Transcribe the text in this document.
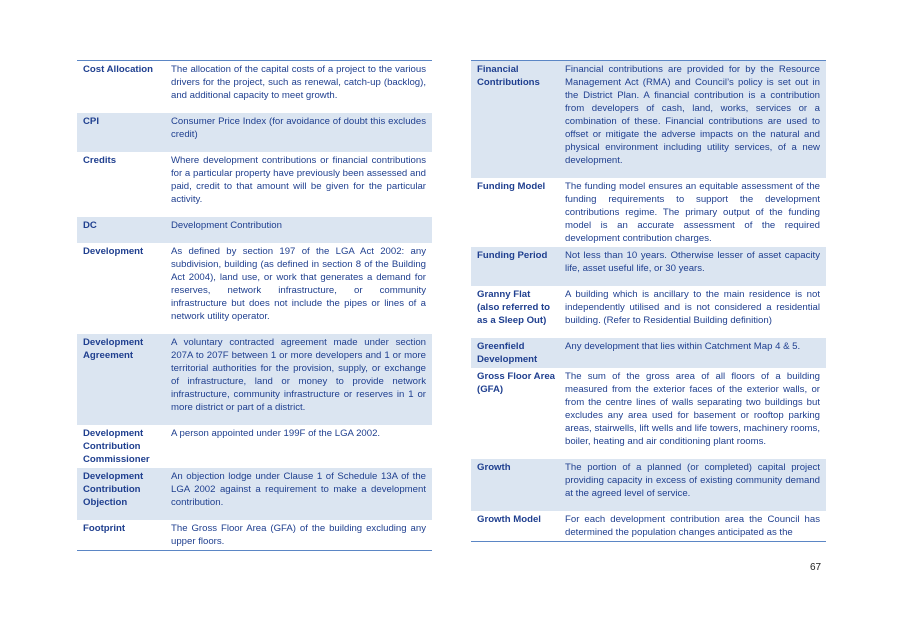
Cost Allocation	The allocation of the capital costs of a project to the various drivers for the project, such as renewal, catch-up (backlog), and additional capacity to meet growth.
CPI	Consumer Price Index (for avoidance of doubt this excludes credit)
Credits	Where development contributions or financial contributions for a particular property have previously been assessed and paid, credit to that amount will be given for the particular activity.
DC	Development Contribution
Development	As defined by section 197 of the LGA Act 2002: any subdivision, building (as defined in section 8 of the Building Act 2004), land use, or work that generates a demand for reserves, network infrastructure, or community infrastructure but does not include the pipes or lines of a network utility operator.
Development Agreement	A voluntary contracted agreement made under section 207A to 207F between 1 or more developers and 1 or more territorial authorities for the provision, supply, or exchange of infrastructure, land or money to provide network infrastructure, community infrastructure or reserves in 1 or more district or part of a district.
Development Contribution Commissioner	A person appointed under 199F of the LGA 2002.
Development Contribution Objection	An objection lodge under Clause 1 of Schedule 13A of the LGA 2002 against a requirement to make a development contribution.
Footprint	The Gross Floor Area (GFA) of the building excluding any upper floors.
Financial Contributions	Financial contributions are provided for by the Resource Management Act (RMA) and Council’s policy is set out in the District Plan. A financial contribution is a contribution from developers of cash, land, works, services or a combination of these. Financial contributions are used to offset or mitigate the adverse impacts on the natural and physical environment including utility services, of a new development.
Funding Model	The funding model ensures an equitable assessment of the funding requirements to support the development contributions regime. The primary output of the funding model is an accurate assessment of the required development contribution charges.
Funding Period	Not less than 10 years. Otherwise lesser of asset capacity life, asset useful life, or 30 years.
Granny Flat (also referred to as a Sleep Out)	A building which is ancillary to the main residence is not independently utilised and is not considered a residential building. (Refer to Residential Building definition)
Greenfield Development	Any development that lies within Catchment Map 4 & 5.
Gross Floor Area (GFA)	The sum of the gross area of all floors of a building measured from the exterior faces of the exterior walls, or from the centre lines of walls separating two buildings but excludes any area used for basement or rooftop parking areas, stairwells, lift wells and life towers, machinery rooms, boiler, heating and air conditioning plant rooms.
Growth	The portion of a planned (or completed) capital project providing capacity in excess of existing community demand at the agreed level of service.
Growth Model	For each development contribution area the Council has determined the population changes anticipated as the
67
